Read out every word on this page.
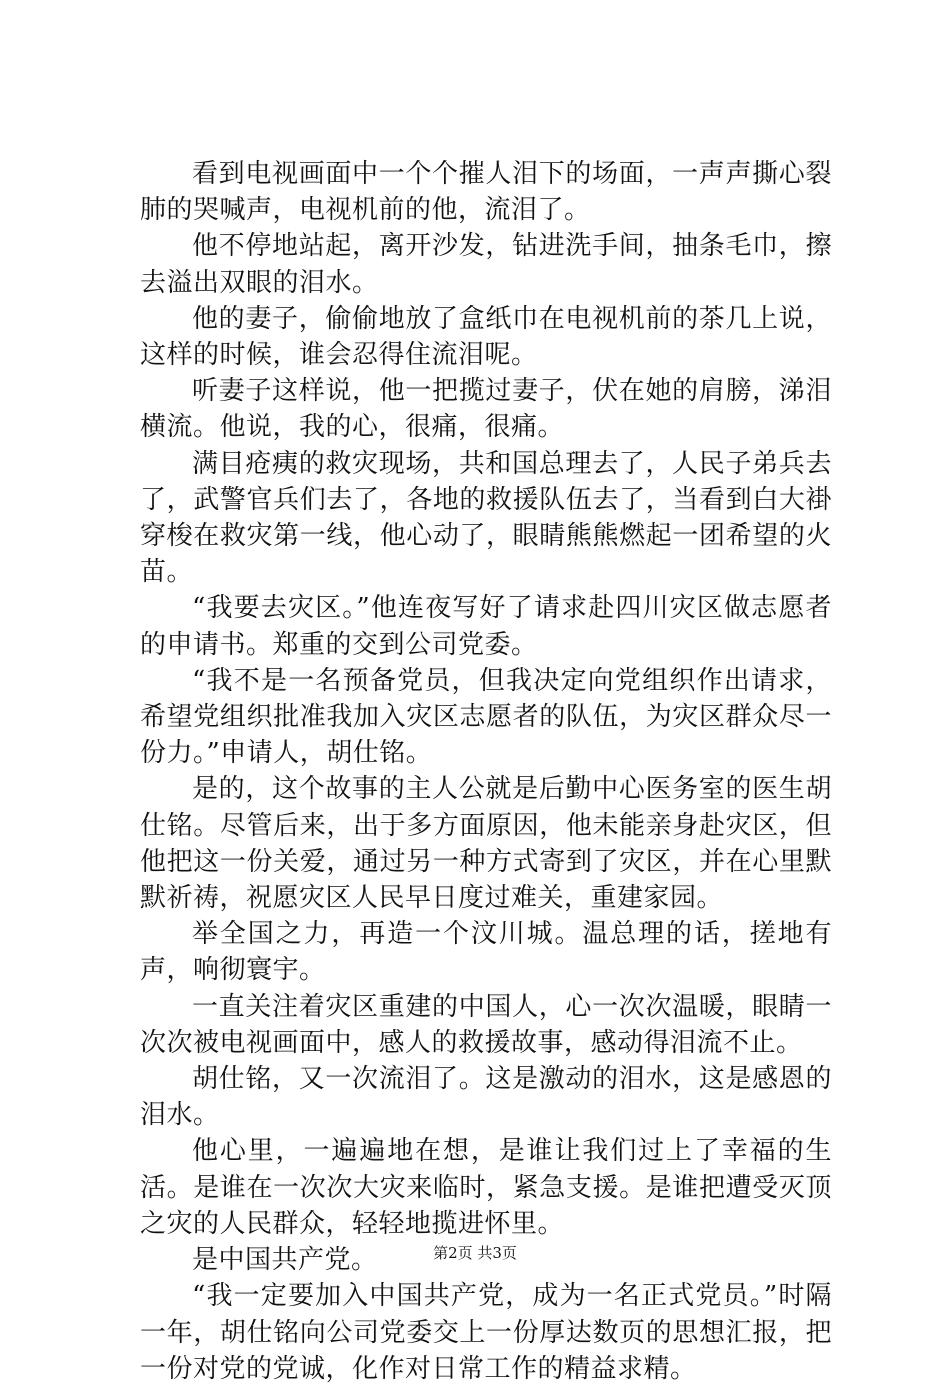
看到电视画面中一个个摧人泪下的场面，一声声撕心裂肺的哭喊声，电视机前的他，流泪了。

他不停地站起，离开沙发，钻进洗手间，抽条毛巾，擦去溢出双眼的泪水。

他的妻子，偷偷地放了盒纸巾在电视机前的茶几上说，这样的时候，谁会忍得住流泪呢。

听妻子这样说，他一把揽过妻子，伏在她的肩膀，涕泪横流。他说，我的心，很痛，很痛。

满目疮痍的救灾现场，共和国总理去了，人民子弟兵去了，武警官兵们去了，各地的救援队伍去了，当看到白大褂穿梭在救灾第一线，他心动了，眼睛熊熊燃起一团希望的火苗。

“我要去灾区。”他连夜写好了请求赴四川灾区做志愿者的申请书。郑重的交到公司党委。

“我不是一名预备党员，但我决定向党组织作出请求，希望党组织批准我加入灾区志愿者的队伍，为灾区群众尽一份力。”申请人，胡仕铭。

是的，这个故事的主人公就是后勤中心医务室的医生胡仕铭。尽管后来，出于多方面原因，他未能亲身赴灾区，但他把这一份关爱，通过另一种方式寄到了灾区，并在心里默默祈祷，祝愿灾区人民早日度过难关，重建家园。

举全国之力，再造一个汶川城。温总理的话，搓地有声，响彻寰宇。

一直关注着灾区重建的中国人，心一次次温暖，眼睛一次次被电视画面中，感人的救援故事，感动得泪流不止。

胡仕铭，又一次流泪了。这是激动的泪水，这是感恩的泪水。

他心里，一遍遍地在想，是谁让我们过上了幸福的生活。是谁在一次次大灾来临时，紧急支援。是谁把遭受灭顶之灾的人民群众，轻轻地揽进怀里。

是中国共产党。

“我一定要加入中国共产党，成为一名正式党员。”时隔一年，胡仕铭向公司党委交上一份厚达数页的思想汇报，把一份对党的党诚，化作对日常工作的精益求精。

第2页 共3页
